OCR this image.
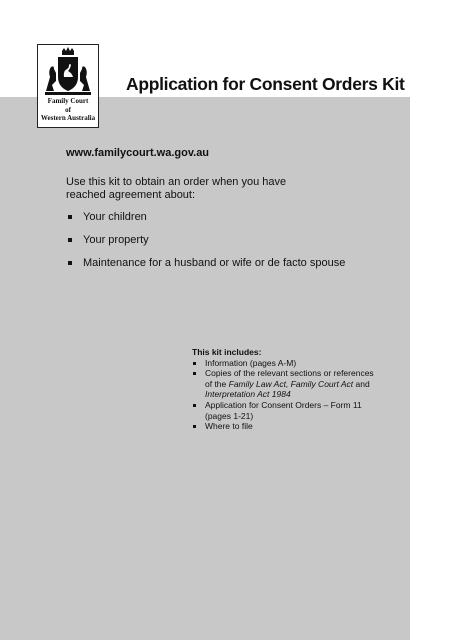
Family Court
of
Western Australia
Application for Consent Orders Kit
www.familycourt.wa.gov.au
Use this kit to obtain an order when you have reached agreement about:
Your children
Your property
Maintenance for a husband or wife or de facto spouse
This kit includes:
Information (pages A-M)
Copies of the relevant sections or references of the Family Law Act, Family Court Act and Interpretation Act 1984
Application for Consent Orders – Form 11 (pages 1-21)
Where to file
